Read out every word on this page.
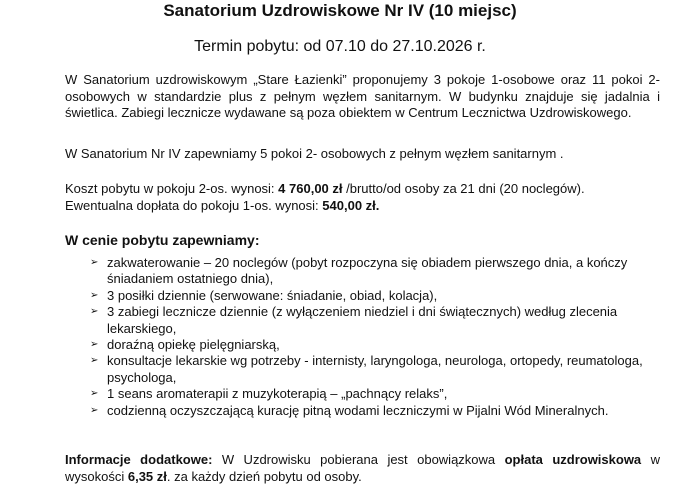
Sanatorium Uzdrowiskowe Nr IV (10 miejsc)
Termin pobytu: od 07.10 do 27.10.2026 r.
W Sanatorium uzdrowiskowym „Stare Łazienki” proponujemy 3 pokoje 1-osobowe oraz 11 pokoi 2- osobowych w standardzie plus z pełnym węzłem sanitarnym. W budynku znajduje się jadalnia i świetlica. Zabiegi lecznicze wydawane są poza obiektem w Centrum Lecznictwa Uzdrowiskowego.
W Sanatorium Nr IV zapewniamy 5 pokoi 2- osobowych z pełnym węzłem sanitarnym .
Koszt pobytu w pokoju 2-os. wynosi: 4 760,00 zł /brutto/od osoby za 21 dni (20 noclegów).
Ewentualna dopłata do pokoju 1-os. wynosi: 540,00 zł.
W cenie pobytu zapewniamy:
➢ zakwaterowanie – 20 noclegów (pobyt rozpoczyna się obiadem pierwszego dnia, a kończy śniadaniem ostatniego dnia),
➢ 3 posiłki dziennie (serwowane: śniadanie, obiad, kolacja),
➢ 3 zabiegi lecznicze dziennie (z wyłączeniem niedziel i dni świątecznych) według zlecenia lekarskiego,
➢ doraźną opiekę pielęgniarską,
➢ konsultacje lekarskie wg potrzeby - internisty, laryngologa, neurologa, ortopedy, reumatologa, psychologa,
➢ 1 seans aromaterapii z muzykoterapią – „pachnący relaks”,
➢ codzienną oczyszczającą kurację pitną wodami leczniczymi w Pijalni Wód Mineralnych.
Informacje dodatkowe: W Uzdrowisku pobierana jest obowiązkowa opłata uzdrowiskowa w wysokości 6,35 zł. za każdy dzień pobytu od osoby.
